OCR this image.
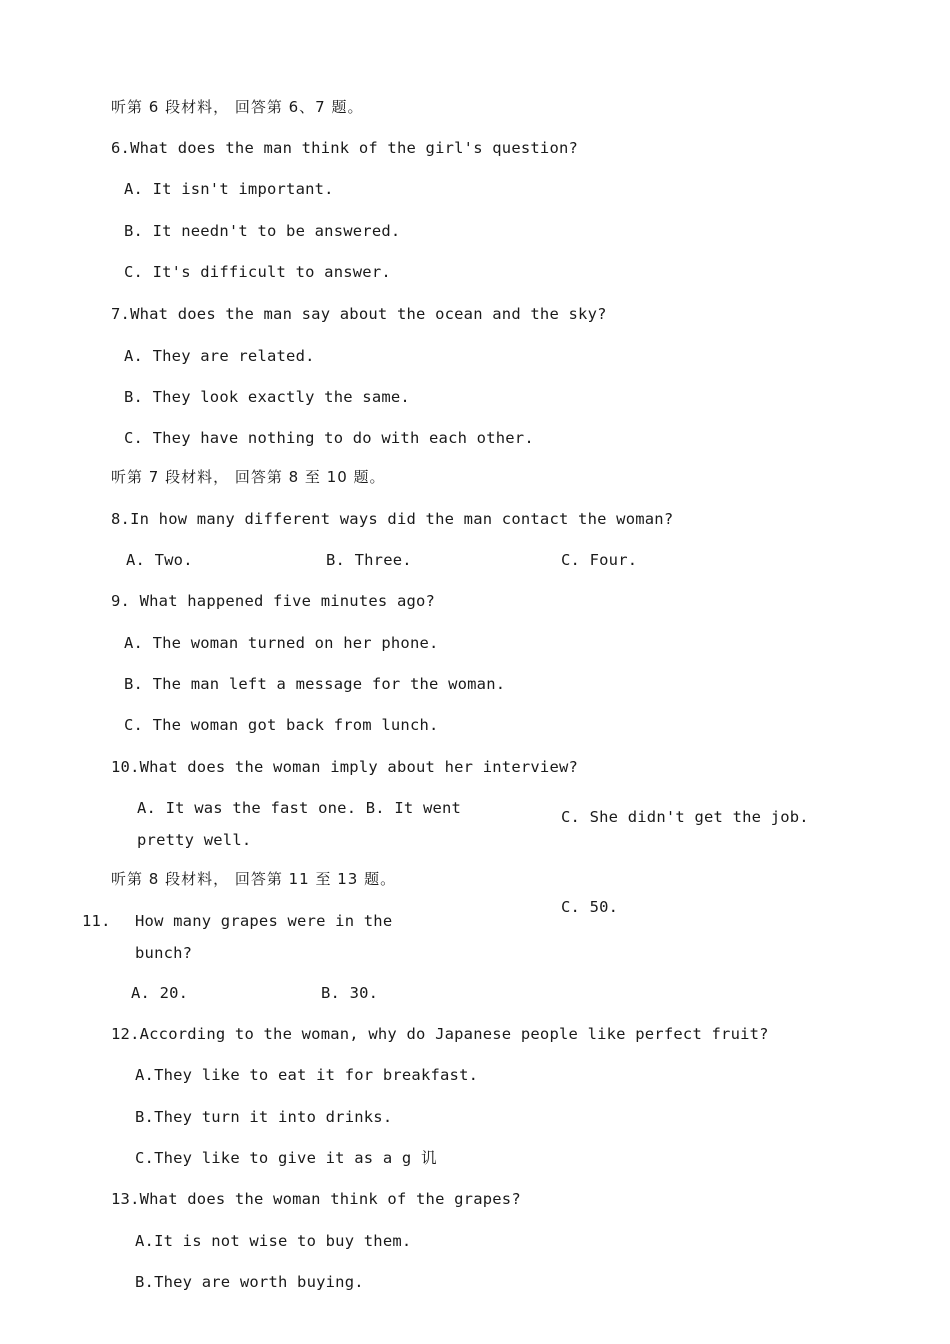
听第 6 段材料， 回答第 6、7 题。
6.What does the man think of the girl's question?
A. It isn't important.
B. It needn't to be answered.
C. It's difficult to answer.
7.What does the man say about the ocean and the sky?
A. They are related.
B. They look exactly the same.
C. They have nothing to do with each other.
听第 7 段材料， 回答第 8 至 10 题。
8.In how many different ways did the man contact the woman?
A. Two.	B. Three.	C. Four.
9. What happened five minutes ago?
A. The woman turned on her phone.
B. The man left a message for the woman.
C. The woman got back from lunch.
10.What does the woman imply about her interview?
A. It was the fast one. B. It went
pretty well.
C. She didn't get the job.
听第 8 段材料， 回答第 11 至 13 题。
11. How many grapes were in the
bunch?
C. 50.
A. 20.	B. 30.
12.According to the woman, why do Japanese people like perfect fruit?
A.They like to eat it for breakfast.
B.They turn it into drinks.
C.They like to give it as a g 讥
13.What does the woman think of the grapes?
A.It is not wise to buy them.
B.They are worth buying.
